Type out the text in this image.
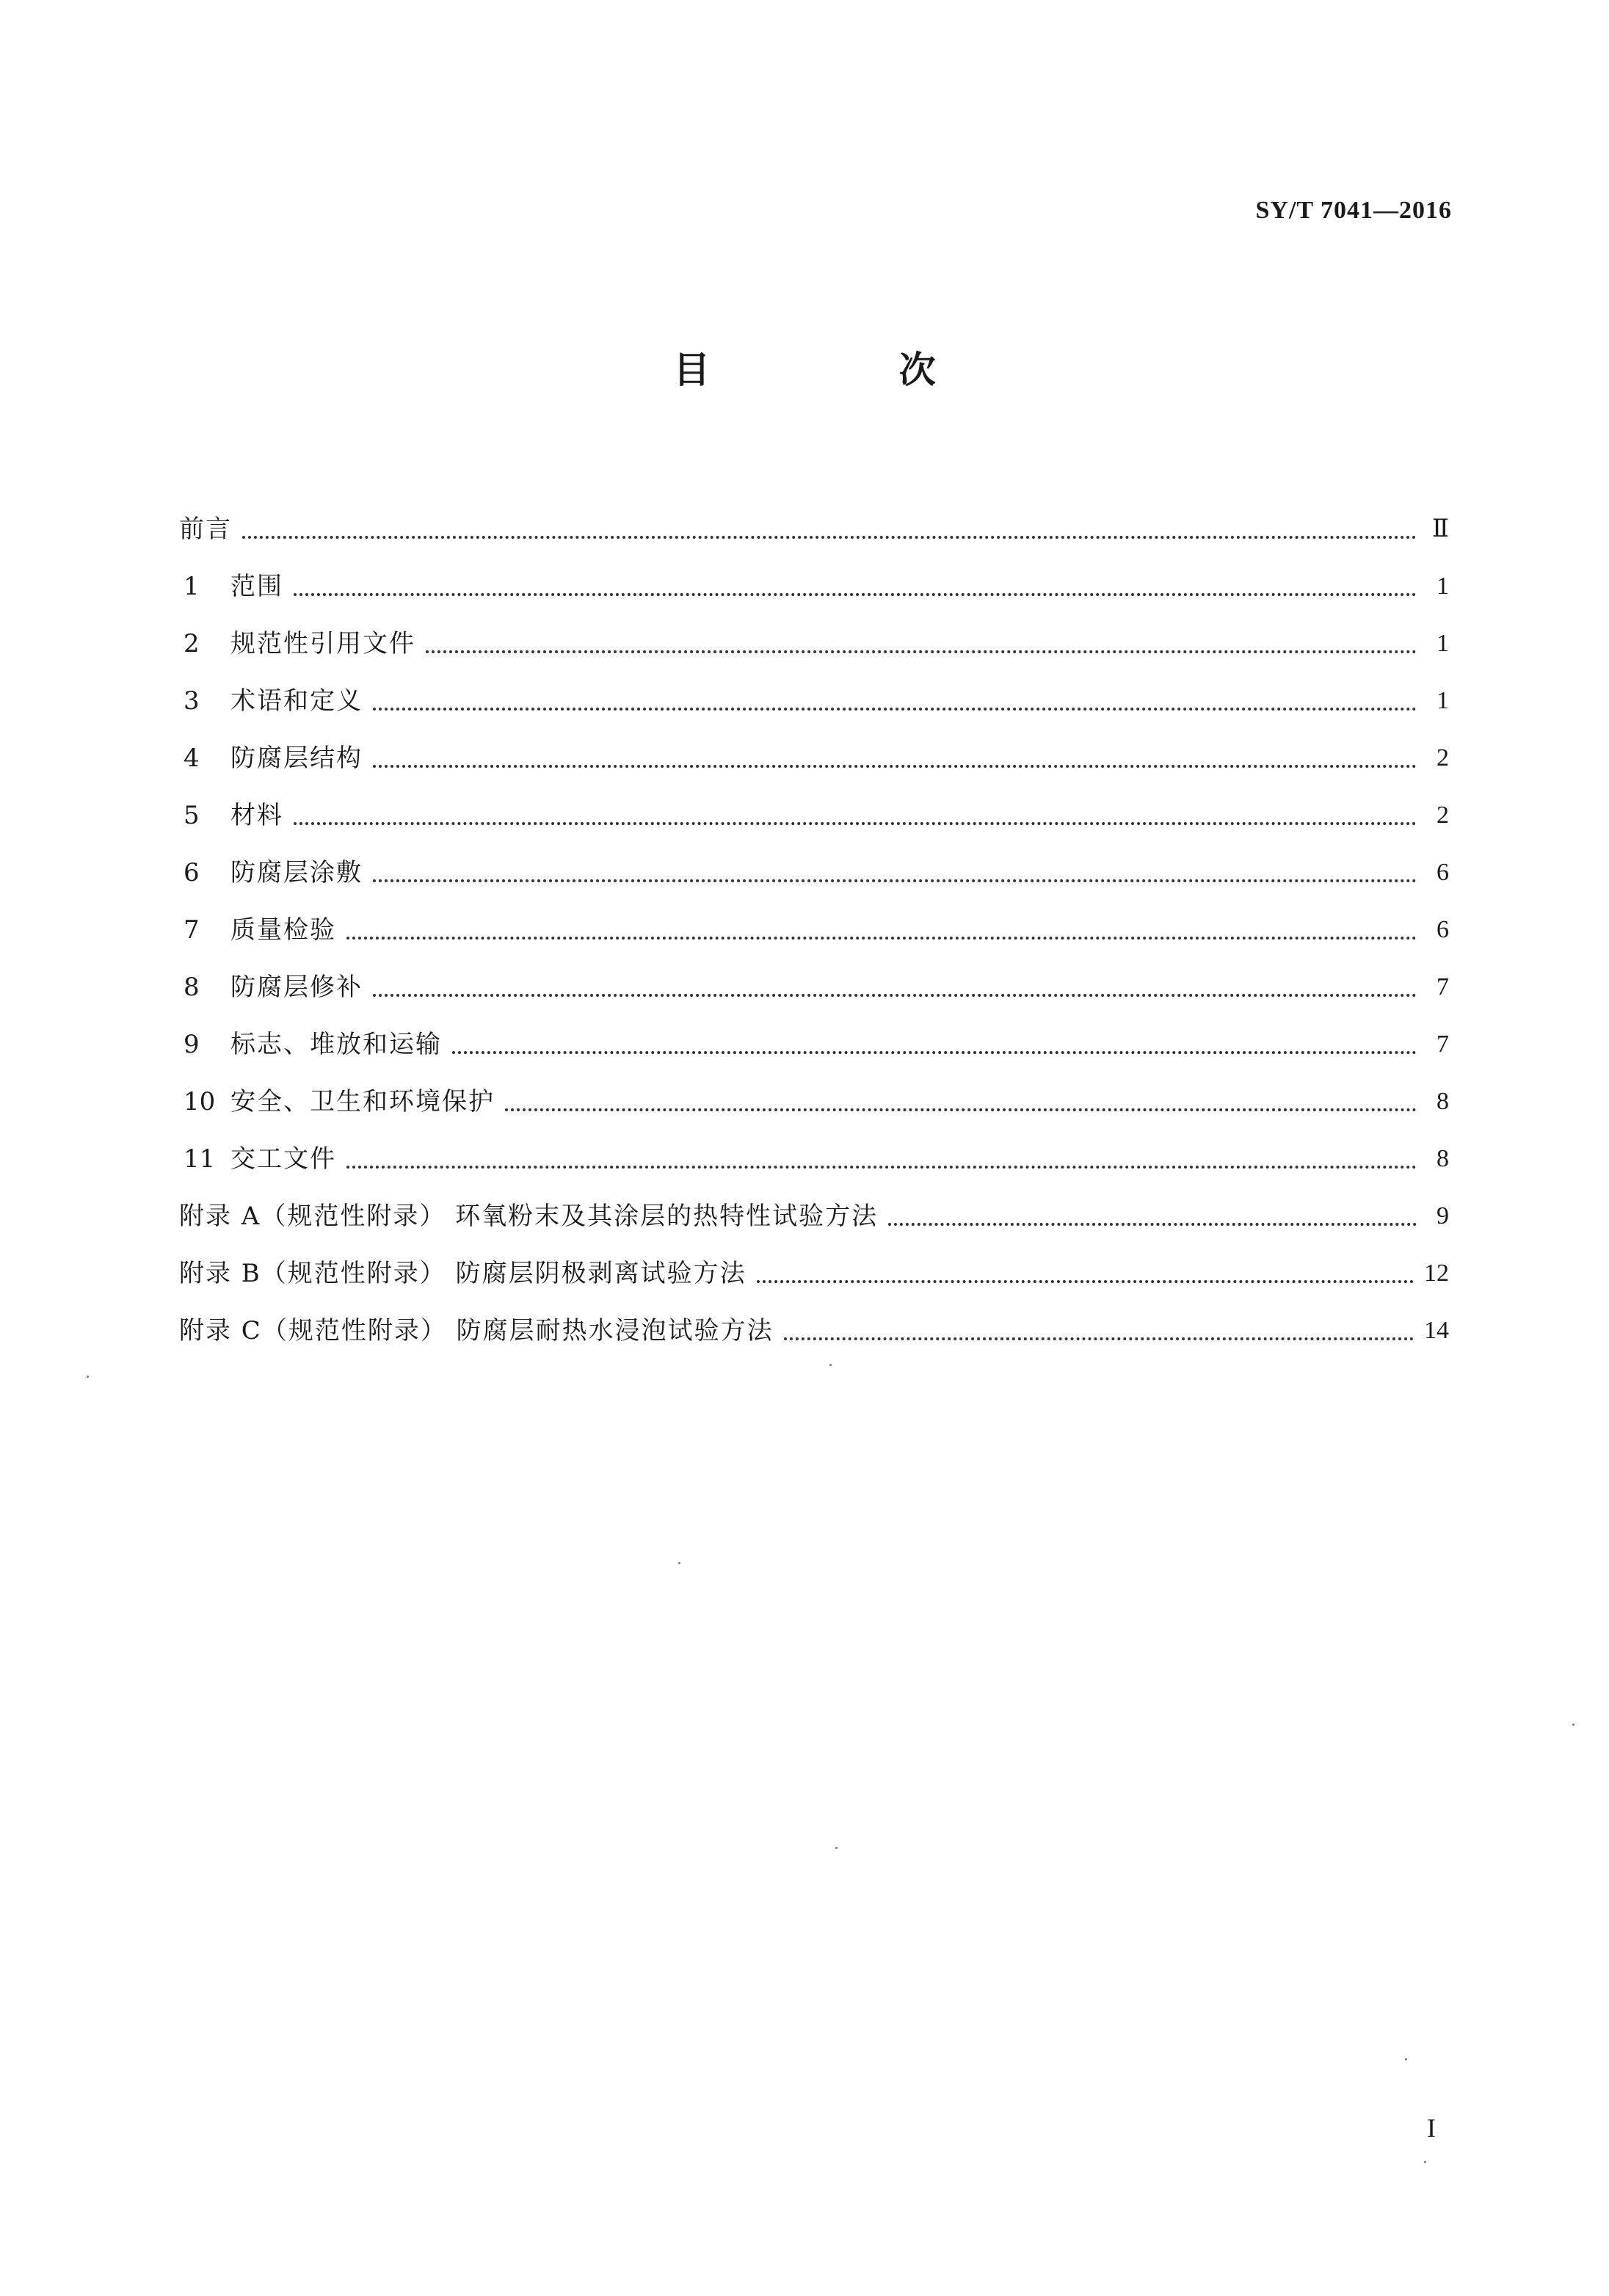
SY/T 7041—2016
目 次
前言	Ⅱ
1	范围	1
2	规范性引用文件	1
3	术语和定义	1
4	防腐层结构	2
5	材料	2
6	防腐层涂敷	6
7	质量检验	6
8	防腐层修补	7
9	标志、堆放和运输	7
10 安全、卫生和环境保护	8
11 交工文件	8
附录 A（规范性附录） 环氧粉末及其涂层的热特性试验方法	9
附录 B（规范性附录） 防腐层阴极剥离试验方法	12
附录 C（规范性附录） 防腐层耐热水浸泡试验方法	14
I
